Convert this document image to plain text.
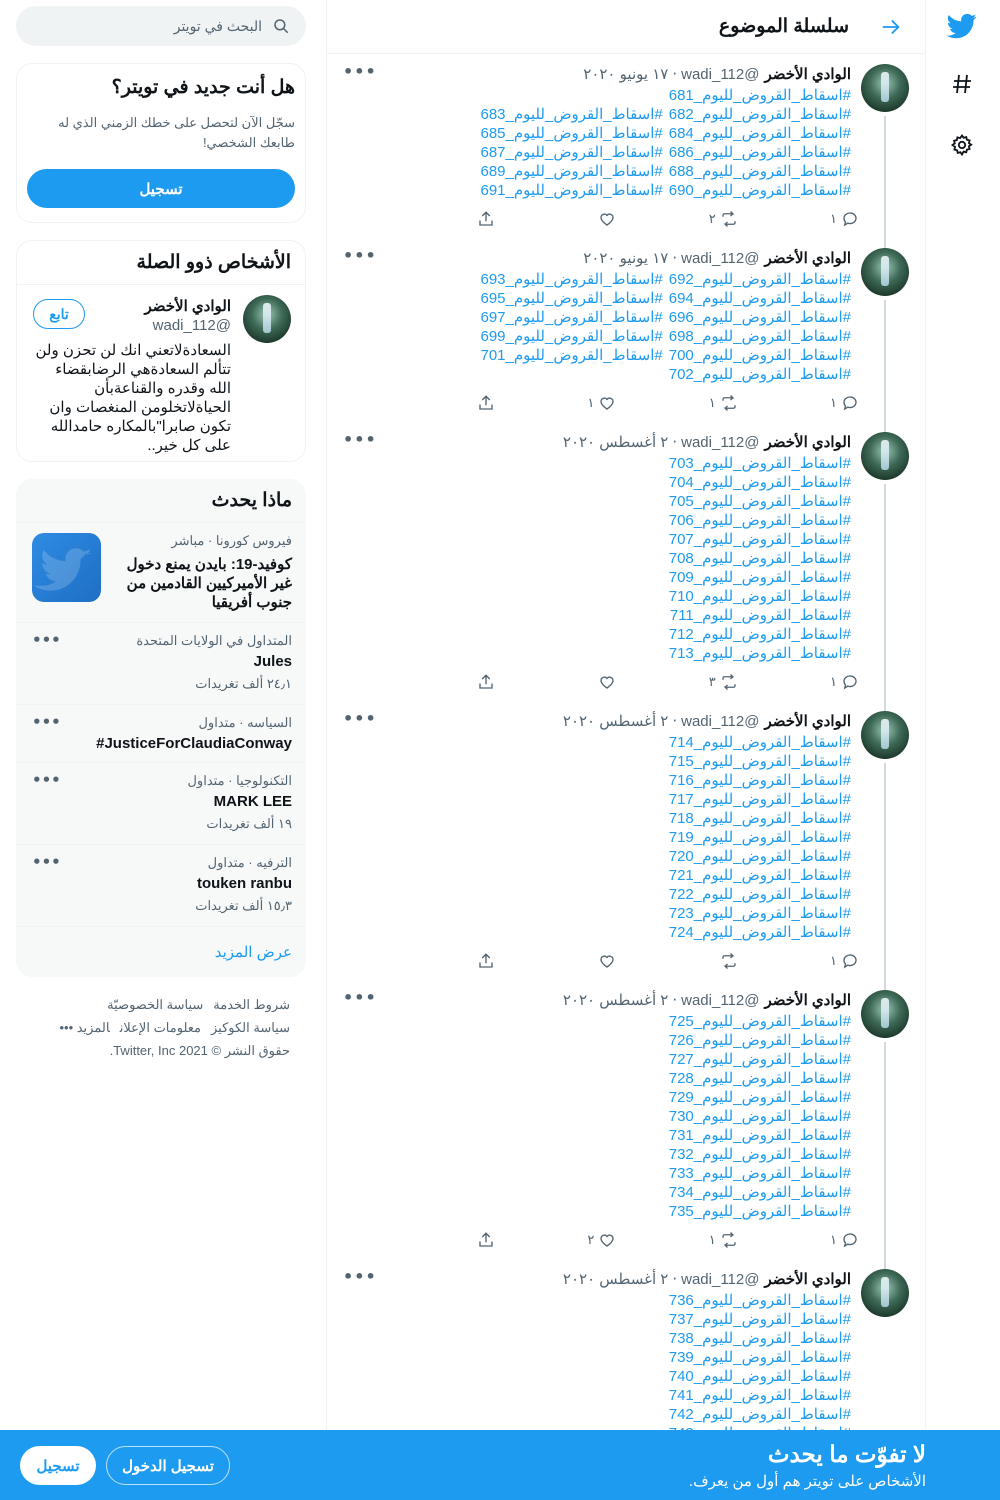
سلسلة الموضوع
الوادي الأخضر
@wadi_112
·
١٧ يونيو ٢٠٢٠
•••
#اسقاط_القروض_لليوم_681
#اسقاط_القروض_لليوم_682#اسقاط_القروض_لليوم_683
#اسقاط_القروض_لليوم_684#اسقاط_القروض_لليوم_685
#اسقاط_القروض_لليوم_686#اسقاط_القروض_لليوم_687
#اسقاط_القروض_لليوم_688#اسقاط_القروض_لليوم_689
#اسقاط_القروض_لليوم_690#اسقاط_القروض_لليوم_691
١
٢
الوادي الأخضر
@wadi_112
·
١٧ يونيو ٢٠٢٠
•••
#اسقاط_القروض_لليوم_692#اسقاط_القروض_لليوم_693
#اسقاط_القروض_لليوم_694#اسقاط_القروض_لليوم_695
#اسقاط_القروض_لليوم_696#اسقاط_القروض_لليوم_697
#اسقاط_القروض_لليوم_698#اسقاط_القروض_لليوم_699
#اسقاط_القروض_لليوم_700#اسقاط_القروض_لليوم_701
#اسقاط_القروض_لليوم_702
١
١
١
الوادي الأخضر
@wadi_112
·
٢ أغسطس ٢٠٢٠
•••
#اسقاط_القروض_لليوم_703
#اسقاط_القروض_لليوم_704
#اسقاط_القروض_لليوم_705
#اسقاط_القروض_لليوم_706
#اسقاط_القروض_لليوم_707
#اسقاط_القروض_لليوم_708
#اسقاط_القروض_لليوم_709
#اسقاط_القروض_لليوم_710
#اسقاط_القروض_لليوم_711
#اسقاط_القروض_لليوم_712
#اسقاط_القروض_لليوم_713
١
٣
الوادي الأخضر
@wadi_112
·
٢ أغسطس ٢٠٢٠
•••
#اسقاط_القروض_لليوم_714
#اسقاط_القروض_لليوم_715
#اسقاط_القروض_لليوم_716
#اسقاط_القروض_لليوم_717
#اسقاط_القروض_لليوم_718
#اسقاط_القروض_لليوم_719
#اسقاط_القروض_لليوم_720
#اسقاط_القروض_لليوم_721
#اسقاط_القروض_لليوم_722
#اسقاط_القروض_لليوم_723
#اسقاط_القروض_لليوم_724
١
الوادي الأخضر
@wadi_112
·
٢ أغسطس ٢٠٢٠
•••
#اسقاط_القروض_لليوم_725
#اسقاط_القروض_لليوم_726
#اسقاط_القروض_لليوم_727
#اسقاط_القروض_لليوم_728
#اسقاط_القروض_لليوم_729
#اسقاط_القروض_لليوم_730
#اسقاط_القروض_لليوم_731
#اسقاط_القروض_لليوم_732
#اسقاط_القروض_لليوم_733
#اسقاط_القروض_لليوم_734
#اسقاط_القروض_لليوم_735
١
١
٢
الوادي الأخضر
@wadi_112
·
٢ أغسطس ٢٠٢٠
•••
#اسقاط_القروض_لليوم_736
#اسقاط_القروض_لليوم_737
#اسقاط_القروض_لليوم_738
#اسقاط_القروض_لليوم_739
#اسقاط_القروض_لليوم_740
#اسقاط_القروض_لليوم_741
#اسقاط_القروض_لليوم_742
البحث في تويتر
هل أنت جديد في تويتر؟

سجّل الآن لتحصل على خطك الزمني الذي له طابعك الشخصي!

تسجيل
الأشخاص ذوو الصلة
الوادي الأخضر
@wadi_112
تابع
السعادةلاتعني انك لن تحزن ولن تتألم السعادةهي الرضابقضاء الله وقدره والقناعةبأن الحياةلاتخلومن المنغصات وان تكون صابرا"بالمكاره حامدالله على كل خير..
ماذا يحدث
فيروس كورونا · مباشر
كوفيد-19: بايدن يمنع دخول غير الأميركيين القادمين من جنوب أفريقيا
المتداول في الولايات المتحدة
Jules
٢٤٫١ ألف تغريدات
•••
السياسه · متداول
#JusticeForClaudiaConway
•••
التكنولوجيا · متداول
MARK LEE
١٩ ألف تغريدات
•••
الترفيه · متداول
touken ranbu
١٥٫٣ ألف تغريدات
•••
عرض المزيد
شروط الخدمةسياسة الخصوصيّة
سياسة الكوكيزمعلومات الإعلانالمزيد •••
حقوق النشر © 2021 Twitter, Inc.
لا تفوّت ما يحدث
الأشخاص على تويتر هم أول من يعرف.
تسجيل الدخول
تسجيل
